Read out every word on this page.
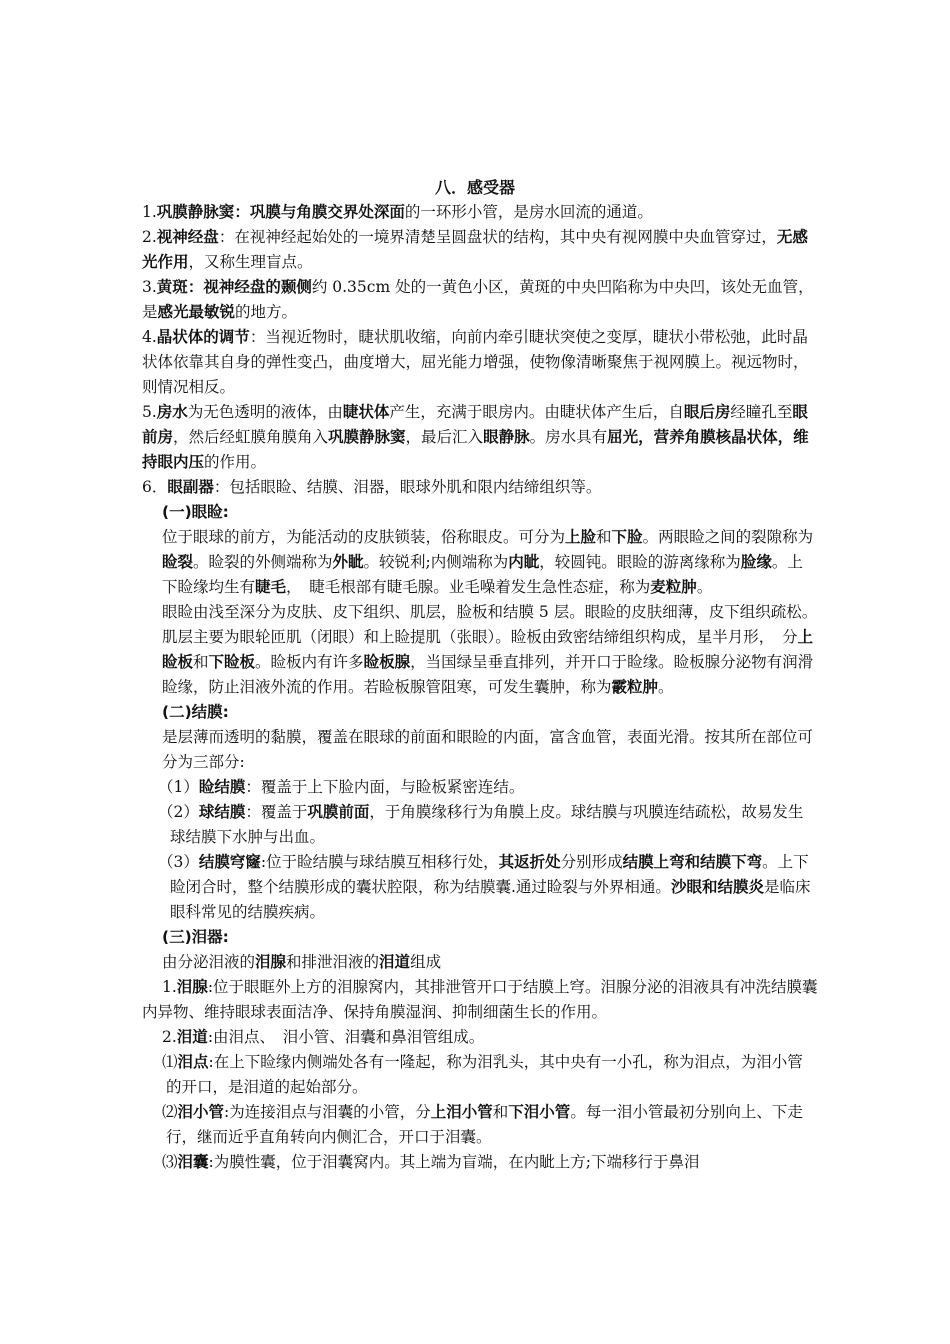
八．感受器

1.巩膜静脉窦：巩膜与角膜交界处深面的一环形小管，是房水回流的通道。

2.视神经盘：在视神经起始处的一境界清楚呈圆盘状的结构，其中央有视网膜中央血管穿过，无感光作用，又称生理盲点。

3.黄斑：视神经盘的颞侧约 0.35cm 处的一黄色小区，黄斑的中央凹陷称为中央凹，该处无血管，是感光最敏锐的地方。

4.晶状体的调节：当视近物时，睫状肌收缩，向前内牵引睫状突使之变厚，睫状小带松弛，此时晶状体依靠其自身的弹性变凸，曲度增大，屈光能力增强，使物像清晰聚焦于视网膜上。视远物时，则情况相反。

5.房水为无色透明的液体，由睫状体产生，充满于眼房内。由睫状体产生后，自眼后房经瞳孔至眼前房，然后经虹膜角膜角入巩膜静脉窦，最后汇入眼静脉。房水具有屈光，营养角膜核晶状体，维持眼内压的作用。

6．眼副器：包括眼睑、结膜、泪器，眼球外肌和限内结缔组织等。

(一)眼睑:

位于眼球的前方，为能活动的皮肤锁装，俗称眼皮。可分为上脸和下脸。两眼睑之间的裂隙称为睑裂。睑裂的外侧端称为外眦。较锐利;内侧端称为内眦，较圆钝。眼睑的游离缘称为脸缘。上下睑缘均生有睫毛，　睫毛根部有睫毛腺。业毛噪着发生急性态症，称为麦粒肿。

眼睑由浅至深分为皮肤、皮下组织、肌层，脸板和结膜 5 层。眼睑的皮肤细薄，皮下组织疏松。肌层主要为眼轮匝肌（闭眼）和上睑提肌（张眼）。睑板由致密结缔组织构成，星半月形，　分上睑板和下睑板。睑板内有许多睑板腺，当国绿呈垂直排列，并开口于睑缘。睑板腺分泌物有润滑睑缘，防止泪液外流的作用。若睑板腺管阻寒，可发生囊肿，称为霰粒肿。

(二)结膜:

是层薄而透明的黏膜，覆盖在眼球的前面和眼睑的内面，富含血管，表面光滑。按其所在部位可分为三部分:

（1）睑结膜：覆盖于上下脸内面，与睑板紧密连结。

（2）球结膜：覆盖于巩膜前面，于角膜缘移行为角膜上皮。球结膜与巩膜连结疏松，故易发生球结膜下水肿与出血。

（3）结膜穹窿:位于睑结膜与球结膜互相移行处，其返折处分别形成结膜上弯和结膜下弯。上下睑闭合时，整个结膜形成的囊状腔限，称为结膜囊.通过睑裂与外界相通。沙眼和结膜炎是临床眼科常见的结膜疾病。

(三)泪器:

由分泌泪液的泪腺和排泄泪液的泪道组成

1.泪腺:位于眼眶外上方的泪腺窝内，其排泄管开口于结膜上穹。泪腺分泌的泪液具有冲洗结膜囊内异物、维持眼球表面洁净、保持角膜湿润、抑制细菌生长的作用。

2.泪道:由泪点、　泪小管、泪囊和鼻泪管组成。

⑴泪点:在上下睑缘内侧端处各有一隆起，称为泪乳头，其中央有一小孔，称为泪点，为泪小管的开口，是泪道的起始部分。

⑵泪小管:为连接泪点与泪囊的小管，分上泪小管和下泪小管。每一泪小管最初分别向上、下走行，继而近乎直角转向内侧汇合，开口于泪囊。

⑶泪囊:为膜性囊，位于泪囊窝内。其上端为盲端，在内眦上方;下端移行于鼻泪
